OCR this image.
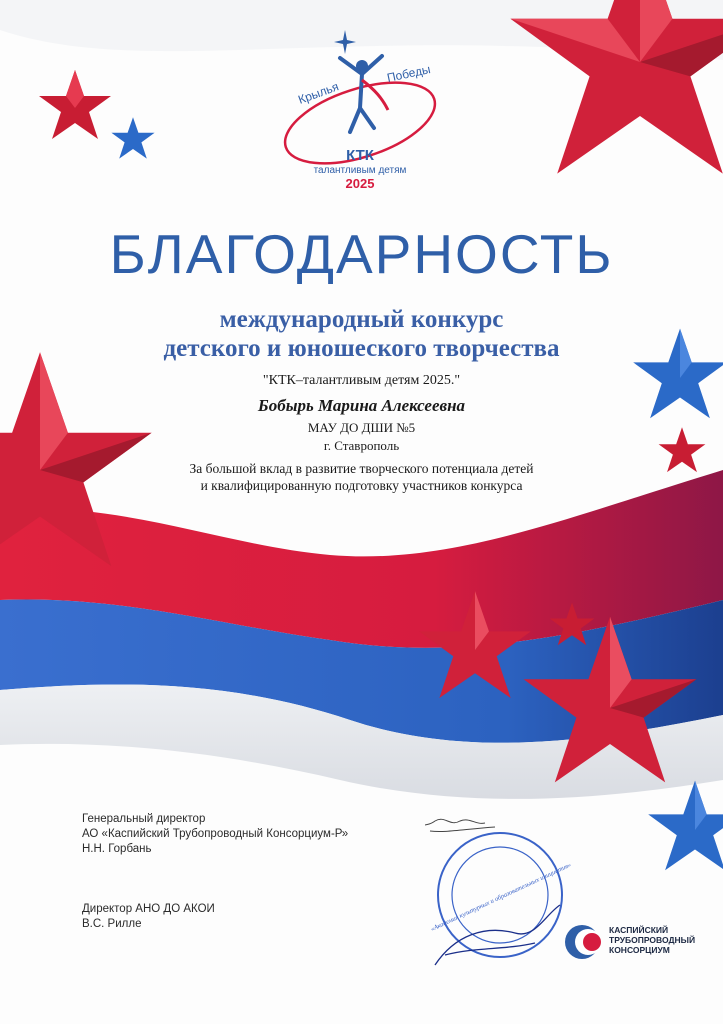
Крылья
Победы
КТК
талантливым детям
2025
БЛАГОДАРНОСТЬ
международный конкурс
детского и юношеского творчества
"КТК–талантливым детям 2025."
Бобырь Марина Алексеевна
МАУ ДО ДШИ №5
г. Ставрополь
За большой вклад в развитие творческого потенциала детей
и квалифицированную подготовку участников конкурса
Генеральный директор
АО «Каспийский Трубопроводный Консорциум-Р»
Н.Н. Горбань
Директор АНО ДО АКОИ
В.С. Рилле	«Академия культурных и образовательных инициатив»	КАСПИЙСКИЙ
ТРУБОПРОВОДНЫЙ
КОНСОРЦИУМ
